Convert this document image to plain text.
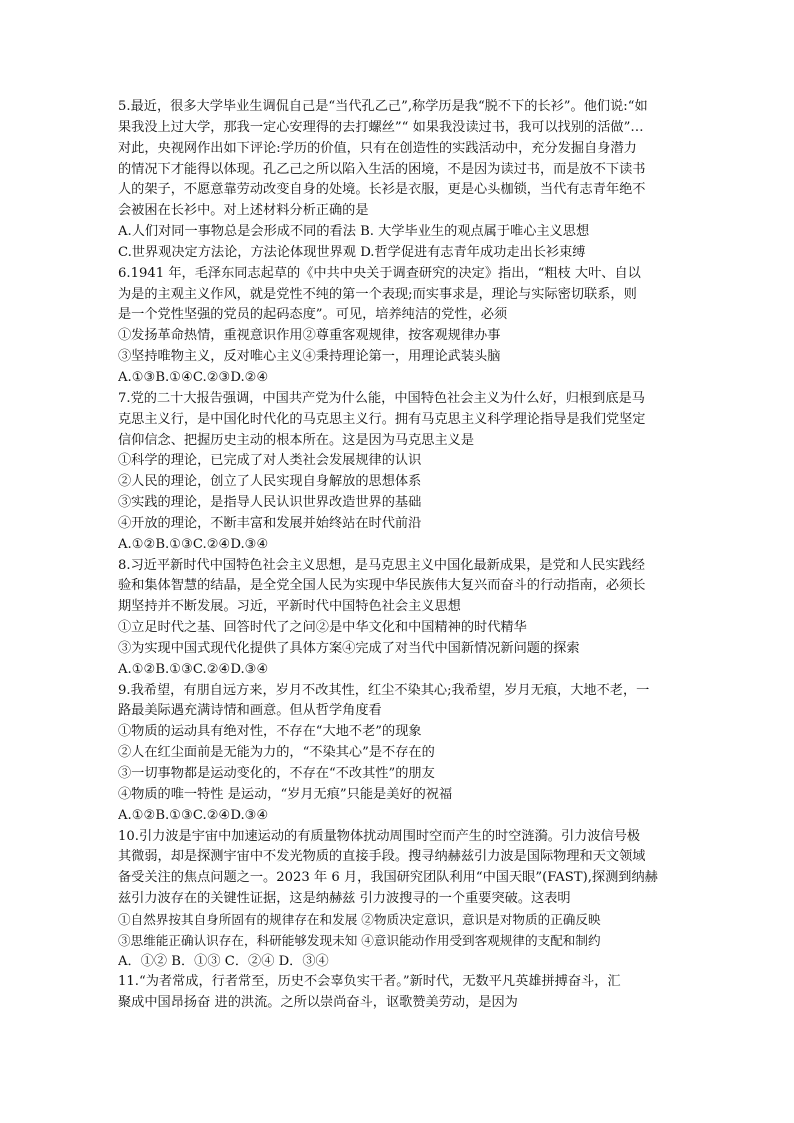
5.最近，很多大学毕业生调侃自己是“当代孔乙己”,称学历是我“脱不下的长衫”。他们说:“如
果我没上过大学，那我一定心安理得的去打螺丝”“ 如果我没读过书，我可以找别的活做”…
对此，央视网作出如下评论:学历的价值，只有在创造性的实践活动中，充分发掘自身潜力
的情况下才能得以体现。孔乙己之所以陷入生活的困境，不是因为读过书，而是放不下读书
人的架子，不愿意靠劳动改变自身的处境。长衫是衣服，更是心头枷锁，当代有志青年绝不
会被困在长衫中。对上述材料分析正确的是
A.人们对同一事物总是会形成不同的看法 B. 大学毕业生的观点属于唯心主义思想
C.世界观决定方法论，方法论体现世界观 D.哲学促进有志青年成功走出长衫束缚
6.1941 年，毛泽东同志起草的《中共中央关于调查研究的决定》指出，“粗枝 大叶、自以
为是的主观主义作风，就是党性不纯的第一个表现;而实事求是，理论与实际密切联系，则
是一个党性坚强的党员的起码态度”。可见，培养纯洁的党性，必须
①发扬革命热情，重视意识作用②尊重客观规律，按客观规律办事
③坚持唯物主义，反对唯心主义④秉持理论第一，用理论武装头脑
A.①③B.①④C.②③D.②④
7.党的二十大报告强调，中国共产党为什么能，中国特色社会主义为什么好，归根到底是马
克思主义行，是中国化时代化的马克思主义行。拥有马克思主义科学理论指导是我们党坚定
信仰信念、把握历史主动的根本所在。这是因为马克思主义是
①科学的理论，已完成了对人类社会发展规律的认识
②人民的理论，创立了人民实现自身解放的思想体系
③实践的理论，是指导人民认识世界改造世界的基础
④开放的理论，不断丰富和发展并始终站在时代前沿
A.①②B.①③C.②④D.③④
8.习近平新时代中国特色社会主义思想，是马克思主义中国化最新成果，是党和人民实践经
验和集体智慧的结晶，是全党全国人民为实现中华民族伟大复兴而奋斗的行动指南，必须长
期坚持并不断发展。习近，平新时代中国特色社会主义思想
①立足时代之基、回答时代了之问②是中华文化和中国精神的时代精华
③为实现中国式现代化提供了具体方案④完成了对当代中国新情况新问题的探索
A.①②B.①③C.②④D.③④
9.我希望，有朋自远方来，岁月不改其性，红尘不染其心;我希望，岁月无痕，大地不老，一
路最美际遇充满诗情和画意。但从哲学角度看
①物质的运动具有绝对性，不存在“大地不老”的现象
②人在红尘面前是无能为力的，“不染其心”是不存在的
③一切事物都是运动变化的，不存在“不改其性”的朋友
④物质的唯一特性 是运动，“岁月无痕”只能是美好的祝福
A.①②B.①③C.②④D.③④
10.引力波是宇宙中加速运动的有质量物体扰动周围时空而产生的时空涟漪。引力波信号极
其微弱，却是探测宇宙中不发光物质的直接手段。搜寻纳赫兹引力波是国际物理和天文领域
备受关注的焦点问题之一。2023 年 6 月，我国研究团队利用“中国天眼”(FAST),探测到纳赫
兹引力波存在的关键性证据，这是纳赫兹 引力波搜寻的一个重要突破。这表明
①自然界按其自身所固有的规律存在和发展 ②物质决定意识，意识是对物质的正确反映
③思维能正确认识存在，科研能够发现未知 ④意识能动作用受到客观规律的支配和制约
A．①② B．①③ C．②④ D．③④
11.“为者常成，行者常至，历史不会辜负实干者。”新时代，无数平凡英雄拼搏奋斗，汇
聚成中国昂扬奋 进的洪流。之所以崇尚奋斗，讴歌赞美劳动，是因为
